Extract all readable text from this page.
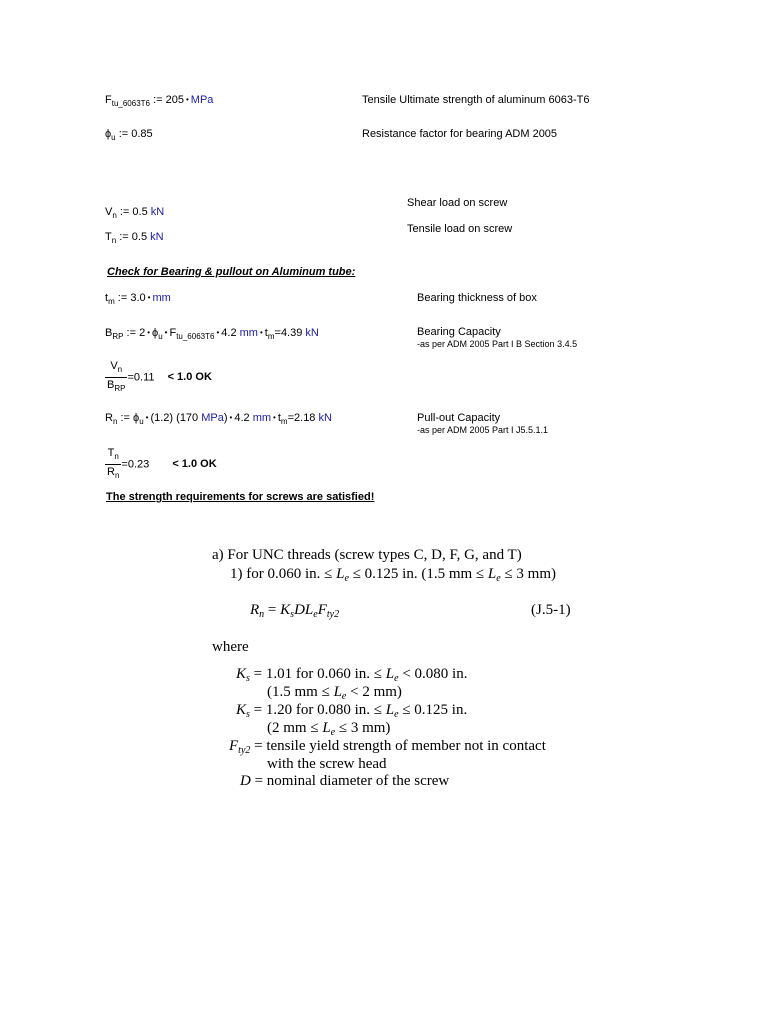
$F_{tu\_6063T6}$ := 205 • MPa	Tensile Ultimate strength of aluminum 6063-T6
$\phi_u$ := 0.85	Resistance factor for bearing ADM 2005
$V_n$ := 0.5 kN
Shear load on screw
$T_n$ := 0.5 kN
Tensile load on screw
Check for Bearing & pullout on Aluminum tube:
$t_m$ := 3.0 • mm	Bearing thickness of box
$B_{RP}$ := 2 • $\phi_u$ • $F_{tu\_6063T6}$ • 4.2 mm • $t_m=4.39$ kN	Bearing Capacity
-as per ADM 2005 Part I B Section 3.4.5
$\frac{V_n}{B_{RP}} =0.11 < 1.0$ OK
$R_n$ := $\phi_u$ • (1.2) (170 MPa) • 4.2 mm • $t_m=2.18$ kN	Pull-out Capacity
-as per ADM 2005 Part I J5.5.1.1
$\frac{T_n}{R_n} =0.23 < 1.0$ OK
The strength requirements for screws are satisfied!
a) For UNC threads (screw types C, D, F, G, and T)
1) for 0.060 in. ≤ $L_e \le 0.125$ in. (1.5 mm ≤ $L_e \le 3$ mm)
$R_n = K_sDL_eF_{ty2}$	(J.5-1)
where
$K_s = 1.01$ for 0.060 in. ≤ $L_e < 0.080$ in.
(1.5 mm ≤ $L_e < 2$ mm)
$K_s = 1.20$ for 0.080 in. ≤ $L_e \le 0.125$ in.
(2 mm ≤ $L_e \le 3$ mm)
$F_{ty2}$ = tensile yield strength of member not in contact
with the screw head
D = nominal diameter of the screw
